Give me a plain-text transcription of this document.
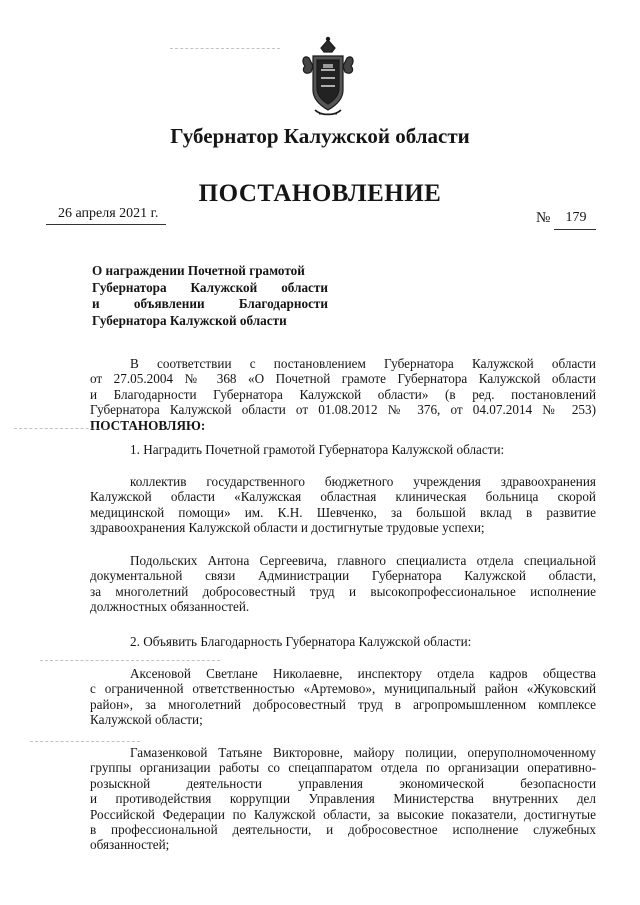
Губернатор Калужской области
ПОСТАНОВЛЕНИЕ
26 апреля 2021 г.	№	179
О награждении Почетной грамотой
Губернатора Калужской области
и объявлении Благодарности
Губернатора Калужской области
В соответствии с постановлением Губернатора Калужской области
от 27.05.2004 № 368 «О Почетной грамоте Губернатора Калужской области
и Благодарности Губернатора Калужской области» (в ред. постановлений
Губернатора Калужской области от 01.08.2012 № 376, от 04.07.2014 № 253)
ПОСТАНОВЛЯЮ:
1. Наградить Почетной грамотой Губернатора Калужской области:
коллектив государственного бюджетного учреждения здравоохранения
Калужской области «Калужская областная клиническая больница скорой
медицинской помощи» им. К.Н. Шевченко, за большой вклад в развитие
здравоохранения Калужской области и достигнутые трудовые успехи;
Подольских Антона Сергеевича, главного специалиста отдела специальной
документальной связи Администрации Губернатора Калужской области,
за многолетний добросовестный труд и высокопрофессиональное исполнение
должностных обязанностей.
2. Объявить Благодарность Губернатора Калужской области:
Аксеновой Светлане Николаевне, инспектору отдела кадров общества
с ограниченной ответственностью «Артемово», муниципальный район «Жуковский
район», за многолетний добросовестный труд в агропромышленном комплексе
Калужской области;
Гамазенковой Татьяне Викторовне, майору полиции, оперуполномоченному
группы организации работы со спецаппаратом отдела по организации оперативно-
розыскной деятельности управления экономической безопасности
и противодействия коррупции Управления Министерства внутренних дел
Российской Федерации по Калужской области, за высокие показатели, достигнутые
в профессиональной деятельности, и добросовестное исполнение служебных
обязанностей;
